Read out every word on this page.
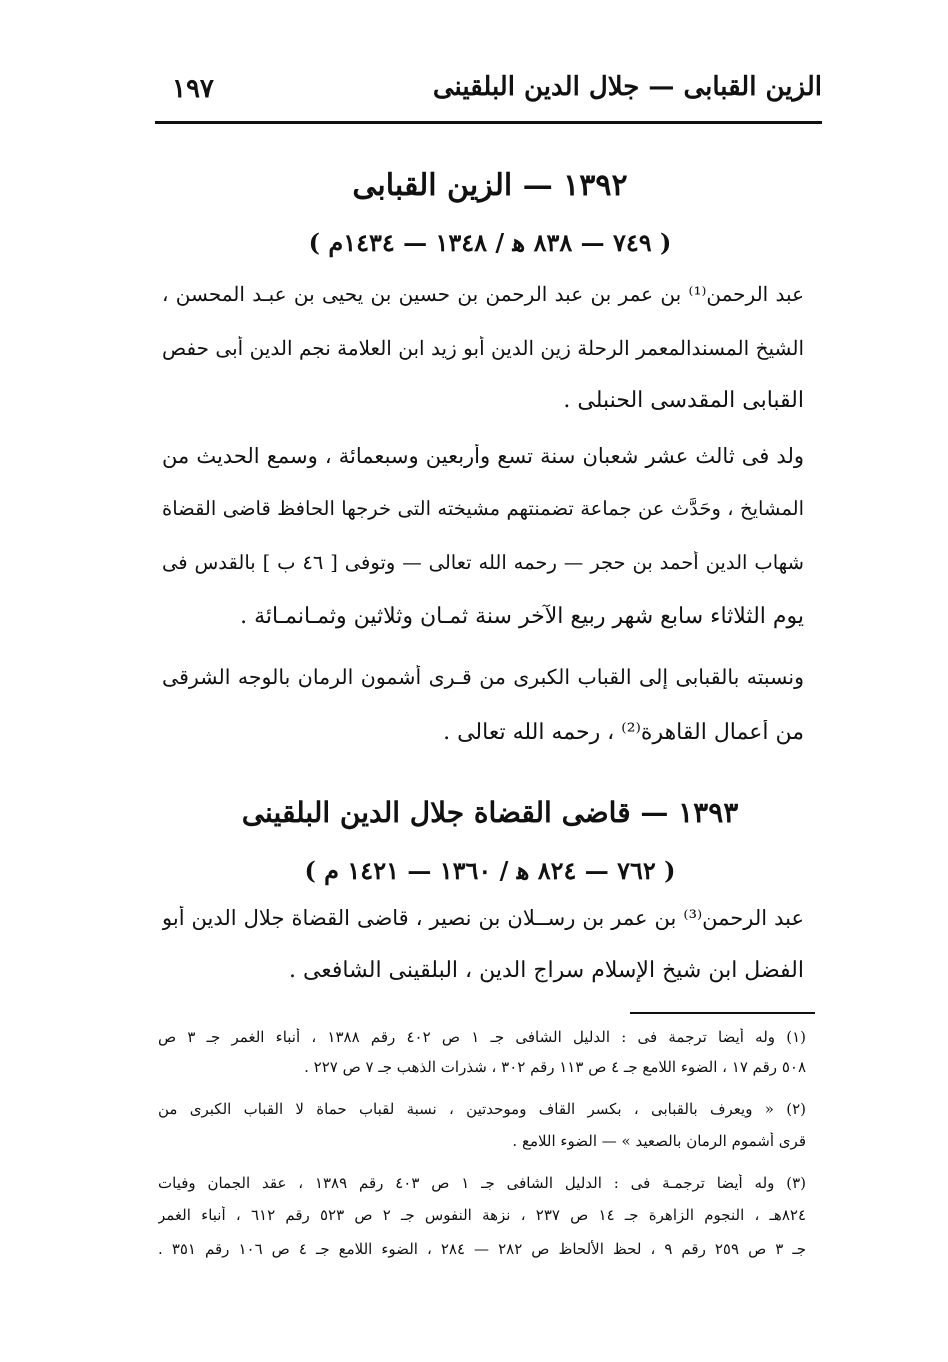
الزين القبابى — جلال الدين البلقينى
١٩٧
١٣٩٢ — الزين القبابى
( ٧٤٩ — ٨٣٨ ﻫ / ١٣٤٨ — ١٤٣٤م )
عبد الرحمن⁽¹⁾ بن عمر بن عبد الرحمن بن حسين بن يحيى بن عبـد المحسن ،
الشيخ المسندالمعمر الرحلة زين الدين أبو زيد ابن العلامة نجم الدين أبى حفص
القبابى المقدسى الحنبلى .
ولد فى ثالث عشر شعبان سنة تسع وأربعين وسبعمائة ، وسمع الحديث من
المشايخ ، وحَدَّث عن جماعة تضمنتهم مشيخته التى خرجها الحافظ قاضى القضاة
شهاب الدين أحمد بن حجر — رحمه الله تعالى — وتوفى [ ٤٦ ب ] بالقدس فى
يوم الثلاثاء سابع شهر ربيع الآخر سنة ثمـان وثلاثين وثمـانمـائة .
ونسبته بالقبابى إلى القباب الكبرى من قـرى أشمون الرمان بالوجه الشرقى
من أعمال القاهرة⁽²⁾ ، رحمه الله تعالى .
١٣٩٣ — قاضى القضاة جلال الدين البلقينى
( ٧٦٢ — ٨٢٤ ﻫ / ١٣٦٠ — ١٤٢١ م )
عبد الرحمن⁽³⁾ بن عمر بن رســلان بن نصير ، قاضى القضاة جلال الدين أبو
الفضل ابن شيخ الإسلام سراج الدين ، البلقينى الشافعى .
(١) وله أيضا ترجمة فى : الدليل الشافى جـ ١ ص ٤٠٢ رقم ١٣٨٨ ، أنباء الغمر جـ ٣ ص
٥٠٨ رقم ١٧ ، الضوء اللامع جـ ٤ ص ١١٣ رقم ٣٠٢ ، شذرات الذهب جـ ٧ ص ٢٢٧ .
(٢) « ويعرف بالقبابى ، بكسر القاف وموحدتين ، نسبة لقباب حماة لا القباب الكبرى من
قرى أشموم الرمان بالصعيد » — الضوء اللامع .
(٣) وله أيضا ترجمـة فى : الدليل الشافى جـ ١ ص ٤٠٣ رقم ١٣٨٩ ، عقد الجمان وفيات
٨٢٤هـ ، النجوم الزاهرة جـ ١٤ ص ٢٣٧ ، نزهة النفوس جـ ٢ ص ٥٢٣ رقم ٦١٢ ، أنباء الغمر
جـ ٣ ص ٢٥٩ رقم ٩ ، لحظ الألحاظ ص ٢٨٢ — ٢٨٤ ، الضوء اللامع جـ ٤ ص ١٠٦ رقم ٣٥١ .
